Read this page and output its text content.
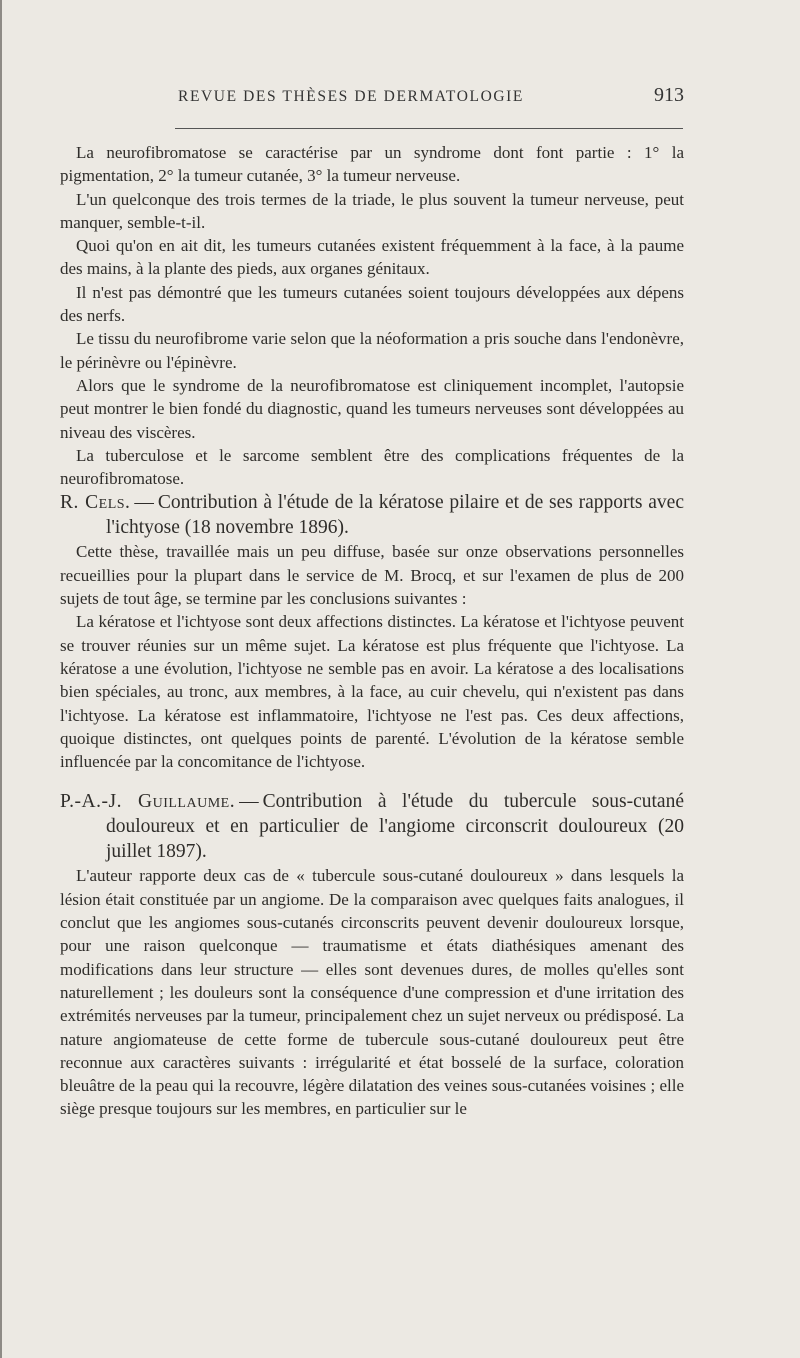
REVUE DES THÈSES DE DERMATOLOGIE	913

La neurofibromatose se caractérise par un syndrome dont font partie : 1° la pigmentation, 2° la tumeur cutanée, 3° la tumeur nerveuse.

L'un quelconque des trois termes de la triade, le plus souvent la tumeur nerveuse, peut manquer, semble-t-il.

Quoi qu'on en ait dit, les tumeurs cutanées existent fréquemment à la face, à la paume des mains, à la plante des pieds, aux organes génitaux.

Il n'est pas démontré que les tumeurs cutanées soient toujours développées aux dépens des nerfs.

Le tissu du neurofibrome varie selon que la néoformation a pris souche dans l'endonèvre, le périnèvre ou l'épinèvre.

Alors que le syndrome de la neurofibromatose est cliniquement incomplet, l'autopsie peut montrer le bien fondé du diagnostic, quand les tumeurs nerveuses sont développées au niveau des viscères.

La tuberculose et le sarcome semblent être des complications fréquentes de la neurofibromatose.

R. Cels. — Contribution à l'étude de la kératose pilaire et de ses rapports avec l'ichtyose (18 novembre 1896).

Cette thèse, travaillée mais un peu diffuse, basée sur onze observations personnelles recueillies pour la plupart dans le service de M. Brocq, et sur l'examen de plus de 200 sujets de tout âge, se termine par les conclusions suivantes :

La kératose et l'ichtyose sont deux affections distinctes. La kératose et l'ichtyose peuvent se trouver réunies sur un même sujet. La kératose est plus fréquente que l'ichtyose. La kératose a une évolution, l'ichtyose ne semble pas en avoir. La kératose a des localisations bien spéciales, au tronc, aux membres, à la face, au cuir chevelu, qui n'existent pas dans l'ichtyose. La kératose est inflammatoire, l'ichtyose ne l'est pas. Ces deux affections, quoique distinctes, ont quelques points de parenté. L'évolution de la kératose semble influencée par la concomitance de l'ichtyose.

P.-A.-J. Guillaume. — Contribution à l'étude du tubercule sous-cutané douloureux et en particulier de l'angiome circonscrit douloureux (20 juillet 1897).

L'auteur rapporte deux cas de « tubercule sous-cutané douloureux » dans lesquels la lésion était constituée par un angiome. De la comparaison avec quelques faits analogues, il conclut que les angiomes sous-cutanés circonscrits peuvent devenir douloureux lorsque, pour une raison quelconque — traumatisme et états diathésiques amenant des modifications dans leur structure — elles sont devenues dures, de molles qu'elles sont naturellement ; les douleurs sont la conséquence d'une compression et d'une irritation des extrémités nerveuses par la tumeur, principalement chez un sujet nerveux ou prédisposé. La nature angiomateuse de cette forme de tubercule sous-cutané douloureux peut être reconnue aux caractères suivants : irrégularité et état bosselé de la surface, coloration bleuâtre de la peau qui la recouvre, légère dilatation des veines sous-cutanées voisines ; elle siège presque toujours sur les membres, en particulier sur le
